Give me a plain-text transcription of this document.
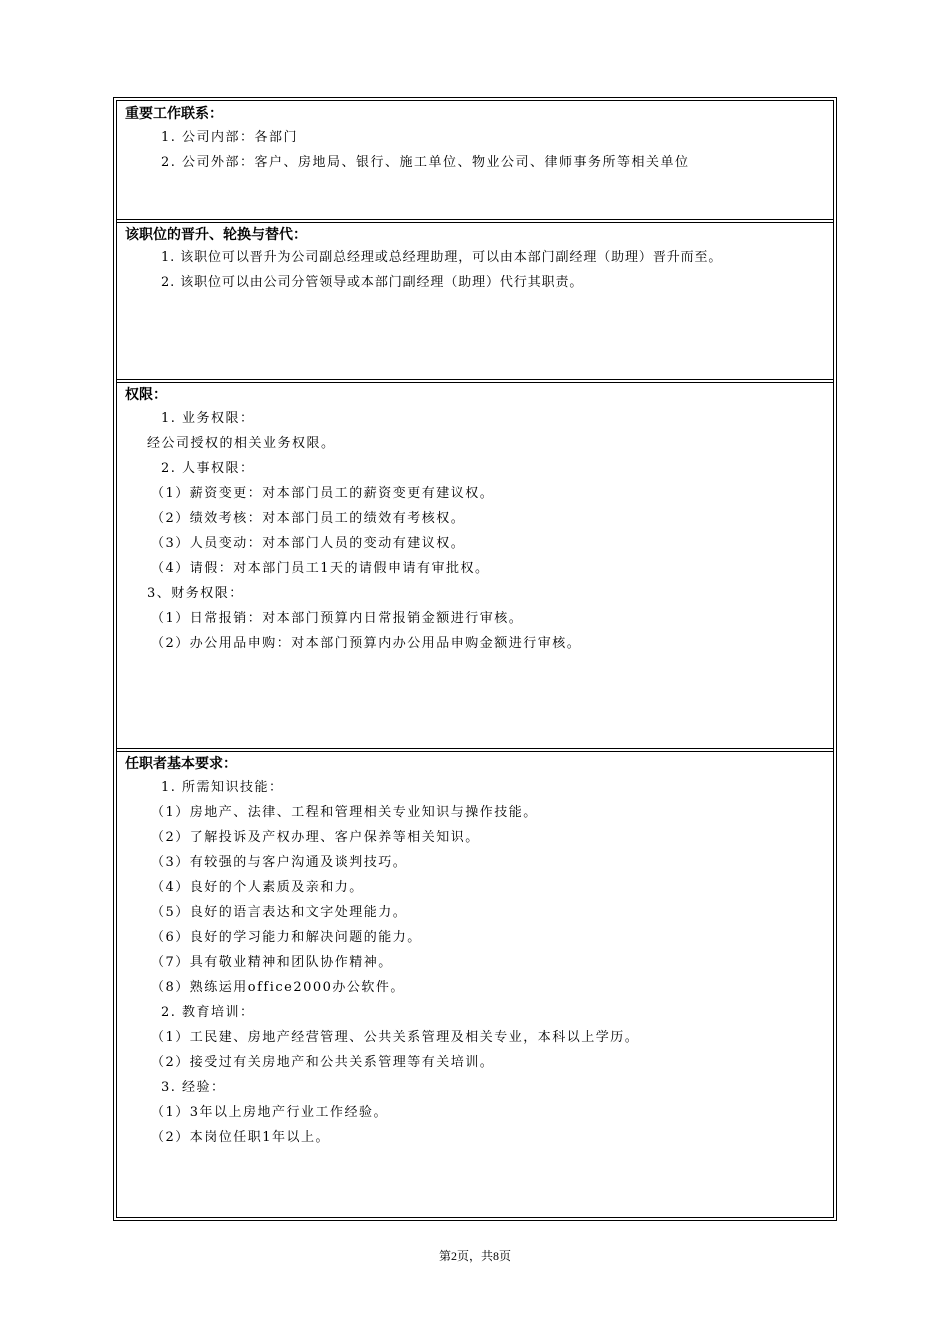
重要工作联系：
1. 公司内部：各部门
2. 公司外部：客户、房地局、银行、施工单位、物业公司、律师事务所等相关单位
该职位的晋升、轮换与替代：
1. 该职位可以晋升为公司副总经理或总经理助理，可以由本部门副经理（助理）晋升而至。
2. 该职位可以由公司分管领导或本部门副经理（助理）代行其职责。
权限：
1. 业务权限：
经公司授权的相关业务权限。
2. 人事权限：
（1）薪资变更：对本部门员工的薪资变更有建议权。
（2）绩效考核：对本部门员工的绩效有考核权。
（3）人员变动：对本部门人员的变动有建议权。
（4）请假：对本部门员工1天的请假申请有审批权。
3、财务权限：
（1）日常报销：对本部门预算内日常报销金额进行审核。
（2）办公用品申购：对本部门预算内办公用品申购金额进行审核。
任职者基本要求：
1. 所需知识技能：
（1）房地产、法律、工程和管理相关专业知识与操作技能。
（2）了解投诉及产权办理、客户保养等相关知识。
（3）有较强的与客户沟通及谈判技巧。
（4）良好的个人素质及亲和力。
（5）良好的语言表达和文字处理能力。
（6）良好的学习能力和解决问题的能力。
（7）具有敬业精神和团队协作精神。
（8）熟练运用office2000办公软件。
2. 教育培训：
（1）工民建、房地产经营管理、公共关系管理及相关专业，本科以上学历。
（2）接受过有关房地产和公共关系管理等有关培训。
3. 经验：
（1）3年以上房地产行业工作经验。
（2）本岗位任职1年以上。
第2页，共8页
